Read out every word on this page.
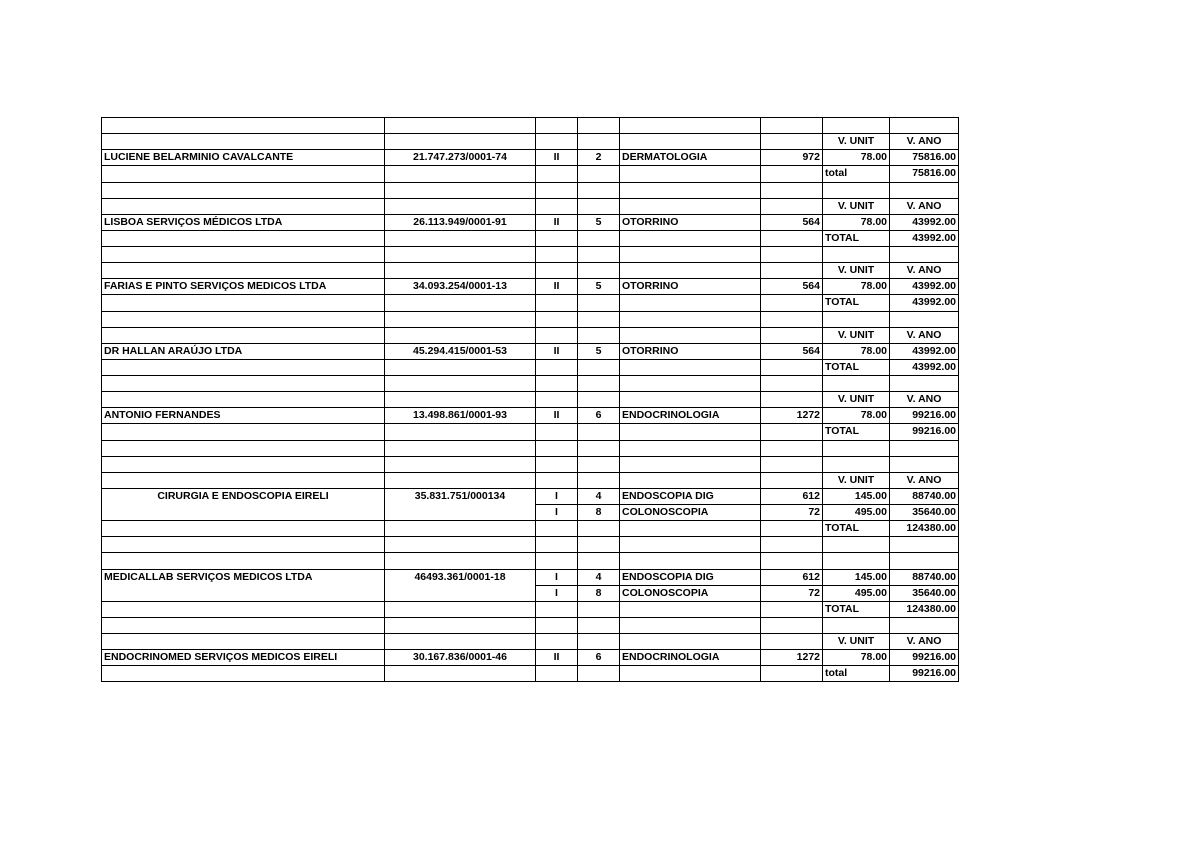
						V. UNIT	V. ANO
LUCIENE BELARMINIO CAVALCANTE	21.747.273/0001-74	II	2	DERMATOLOGIA	972	78.00	75816.00
						total	75816.00

						V. UNIT	V. ANO
LISBOA SERVIÇOS MÉDICOS LTDA	26.113.949/0001-91	II	5	OTORRINO	564	78.00	43992.00
						TOTAL	43992.00

						V. UNIT	V. ANO
FARIAS E PINTO SERVIÇOS MEDICOS LTDA	34.093.254/0001-13	II	5	OTORRINO	564	78.00	43992.00
						TOTAL	43992.00

						V. UNIT	V. ANO
DR HALLAN ARAÚJO LTDA	45.294.415/0001-53	II	5	OTORRINO	564	78.00	43992.00
						TOTAL	43992.00

						V. UNIT	V. ANO
ANTONIO FERNANDES	13.498.861/0001-93	II	6	ENDOCRINOLOGIA	1272	78.00	99216.00
						TOTAL	99216.00

						V. UNIT	V. ANO
CIRURGIA E ENDOSCOPIA EIRELI	35.831.751/000134	I	4	ENDOSCOPIA DIG	612	145.00	88740.00
		I	8	COLONOSCOPIA	72	495.00	35640.00
						TOTAL	124380.00

MEDICALLAB SERVIÇOS MEDICOS LTDA	46493.361/0001-18	I	4	ENDOSCOPIA DIG	612	145.00	88740.00
		I	8	COLONOSCOPIA	72	495.00	35640.00
						TOTAL	124380.00

						V. UNIT	V. ANO
ENDOCRINOMED SERVIÇOS MEDICOS EIRELI	30.167.836/0001-46	II	6	ENDOCRINOLOGIA	1272	78.00	99216.00
						total	99216.00
